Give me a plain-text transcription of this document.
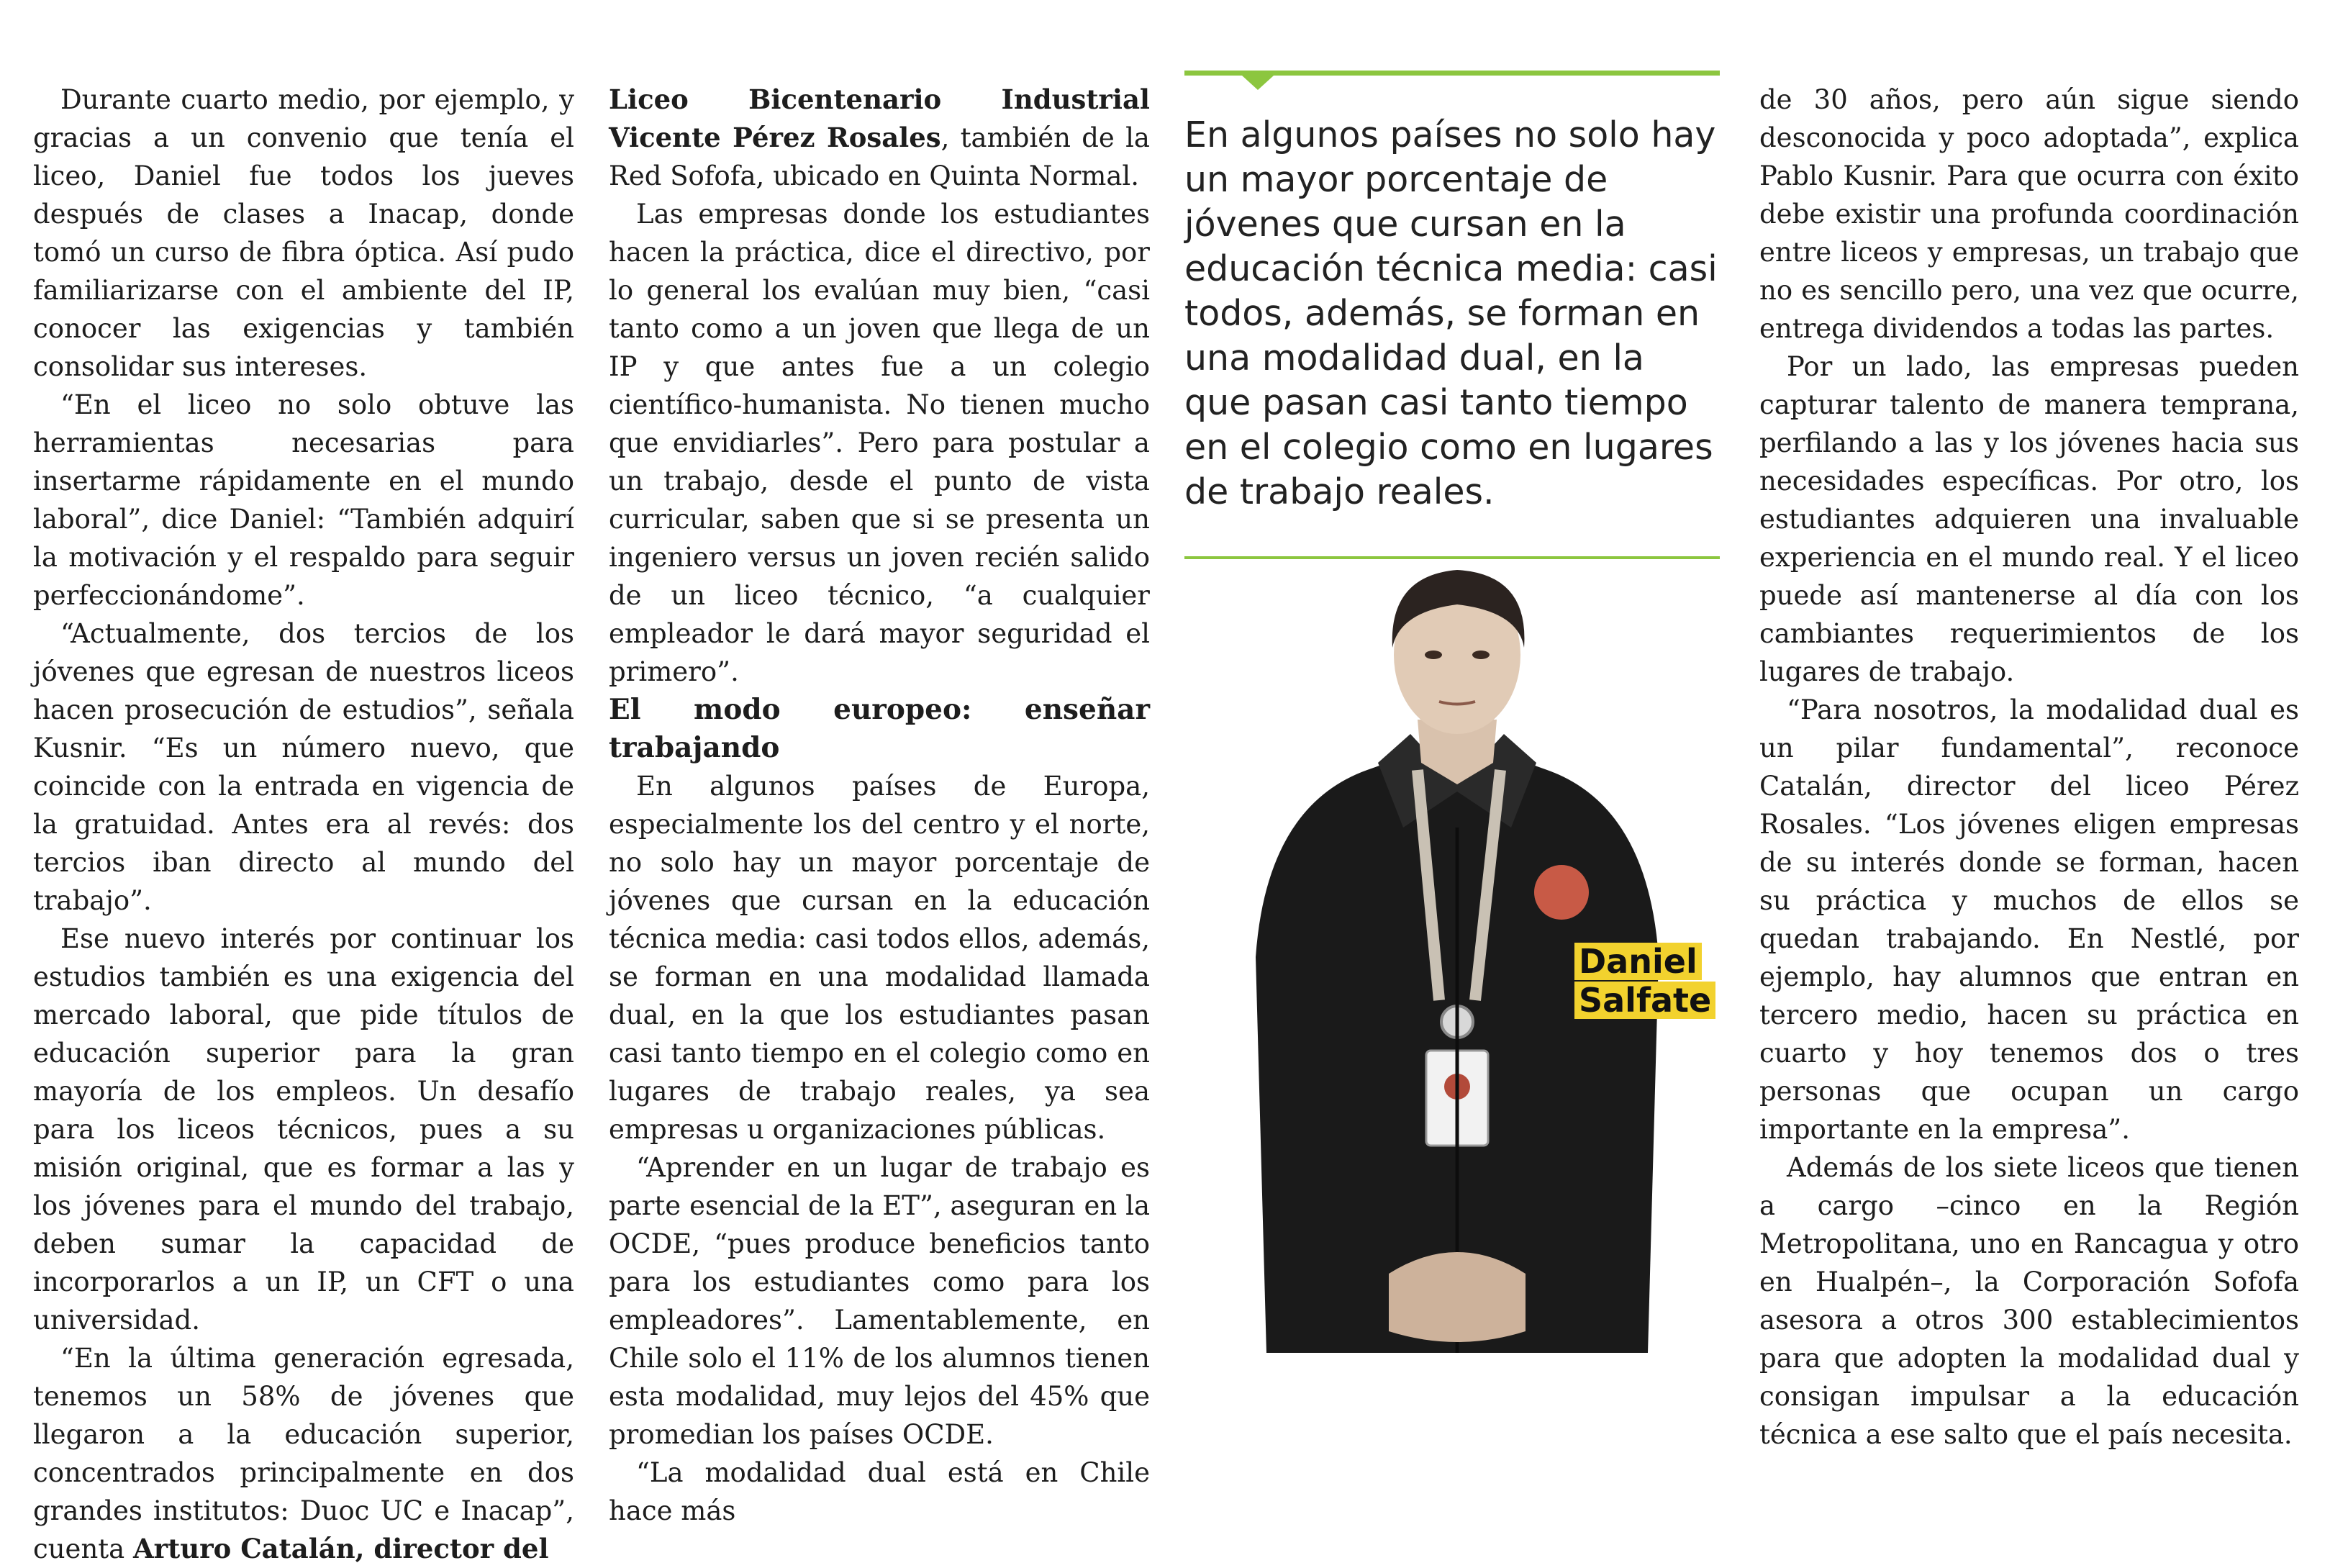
Durante cuarto medio, por ejemplo, y gracias a un convenio que tenía el liceo, Daniel fue todos los jueves después de clases a Inacap, donde tomó un curso de fibra óptica. Así pudo familiarizarse con el ambiente del IP, conocer las exigencias y también consolidar sus intereses.

“En el liceo no solo obtuve las herramientas necesarias para insertarme rápidamente en el mundo laboral”, dice Daniel: “También adquirí la motivación y el respaldo para seguir perfeccionándome”.

“Actualmente, dos tercios de los jóvenes que egresan de nuestros liceos hacen prosecución de estudios”, señala Kusnir. “Es un número nuevo, que coincide con la entrada en vigencia de la gratuidad. Antes era al revés: dos tercios iban directo al mundo del trabajo”.

Ese nuevo interés por continuar los estudios también es una exigencia del mercado laboral, que pide títulos de educación superior para la gran mayoría de los empleos. Un desafío para los liceos técnicos, pues a su misión original, que es formar a las y los jóvenes para el mundo del trabajo, deben sumar la capacidad de incorporarlos a un IP, un CFT o una universidad.

“En la última generación egresada, tenemos un 58% de jóvenes que llegaron a la educación superior, concentrados principalmente en dos grandes institutos: Duoc UC e Inacap”, cuenta Arturo Catalán, director del

Liceo Bicentenario Industrial Vicente Pérez Rosales, también de la Red Sofofa, ubicado en Quinta Normal.

Las empresas donde los estudiantes hacen la práctica, dice el directivo, por lo general los evalúan muy bien, “casi tanto como a un joven que llega de un IP y que antes fue a un colegio científico-humanista. No tienen mucho que envidiarles”. Pero para postular a un trabajo, desde el punto de vista curricular, saben que si se presenta un ingeniero versus un joven recién salido de un liceo técnico, “a cualquier empleador le dará mayor seguridad el primero”.

El modo europeo: enseñar trabajando

En algunos países de Europa, especialmente los del centro y el norte, no solo hay un mayor porcentaje de jóvenes que cursan en la educación técnica media: casi todos ellos, además, se forman en una modalidad llamada dual, en la que los estudiantes pasan casi tanto tiempo en el colegio como en lugares de trabajo reales, ya sea empresas u organizaciones públicas.

“Aprender en un lugar de trabajo es parte esencial de la ET”, aseguran en la OCDE, “pues produce beneficios tanto para los estudiantes como para los empleadores”. Lamentablemente, en Chile solo el 11% de los alumnos tienen esta modalidad, muy lejos del 45% que promedian los países OCDE.

“La modalidad dual está en Chile hace más

En algunos países no solo hay un mayor porcentaje de jóvenes que cursan en la educación técnica media: casi todos, además, se forman en una modalidad dual, en la que pasan casi tanto tiempo en el colegio como en lugares de trabajo reales.

Daniel
Salfate

de 30 años, pero aún sigue siendo desconocida y poco adoptada”, explica Pablo Kusnir. Para que ocurra con éxito debe existir una profunda coordinación entre liceos y empresas, un trabajo que no es sencillo pero, una vez que ocurre, entrega dividendos a todas las partes.

Por un lado, las empresas pueden capturar talento de manera temprana, perfilando a las y los jóvenes hacia sus necesidades específicas. Por otro, los estudiantes adquieren una invaluable experiencia en el mundo real. Y el liceo puede así mantenerse al día con los cambiantes requerimientos de los lugares de trabajo.

“Para nosotros, la modalidad dual es un pilar fundamental”, reconoce Catalán, director del liceo Pérez Rosales. “Los jóvenes eligen empresas de su interés donde se forman, hacen su práctica y muchos de ellos se quedan trabajando. En Nestlé, por ejemplo, hay alumnos que entran en tercero medio, hacen su práctica en cuarto y hoy tenemos dos o tres personas que ocupan un cargo importante en la empresa”.

Además de los siete liceos que tienen a cargo –cinco en la Región Metropolitana, uno en Rancagua y otro en Hualpén–, la Corporación Sofofa asesora a otros 300 establecimientos para que adopten la modalidad dual y consigan impulsar a la educación técnica a ese salto que el país necesita.
